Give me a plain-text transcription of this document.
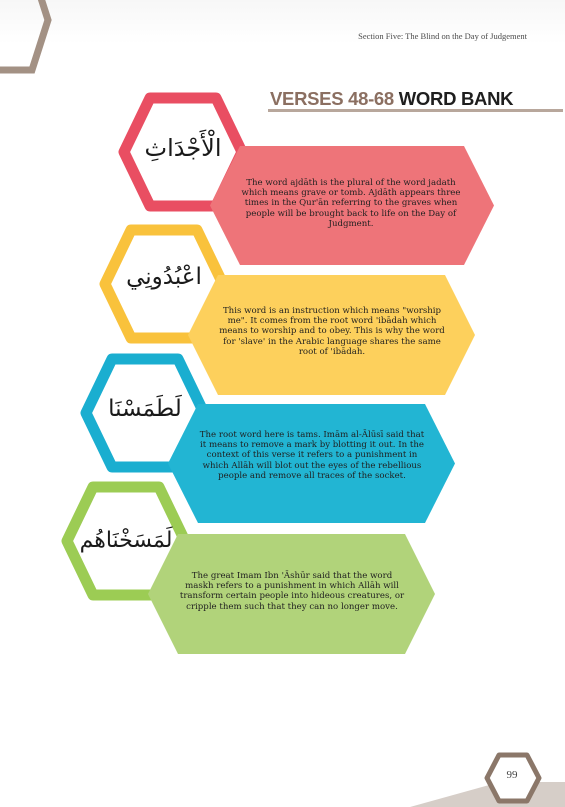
Section Five: The Blind on the Day of Judgement
VERSES 48-68 WORD BANK
الْأَجْدَاثِ
The word ajdāth is the plural of the word jadath which means grave or tomb. Ajdāth appears three times in the Qur'ān referring to the graves when people will be brought back to life on the Day of Judgment.
اعْبُدُونِي
This word is an instruction which means "worship me". It comes from the root word 'ibādah which means to worship and to obey. This is why the word for 'slave' in the Arabic language shares the same root of 'ibādah.
لَطَمَسْنَا
The root word here is tams. Imām al-Ālūsī said that it means to remove a mark by blotting it out. In the context of this verse it refers to a punishment in which Allāh will blot out the eyes of the rebellious people and remove all traces of the socket.
لَمَسَخْنَاهُم
The great Imam Ibn 'Āshūr said that the word maskh refers to a punishment in which Allāh will transform certain people into hideous creatures, or cripple them such that they can no longer move.
99
